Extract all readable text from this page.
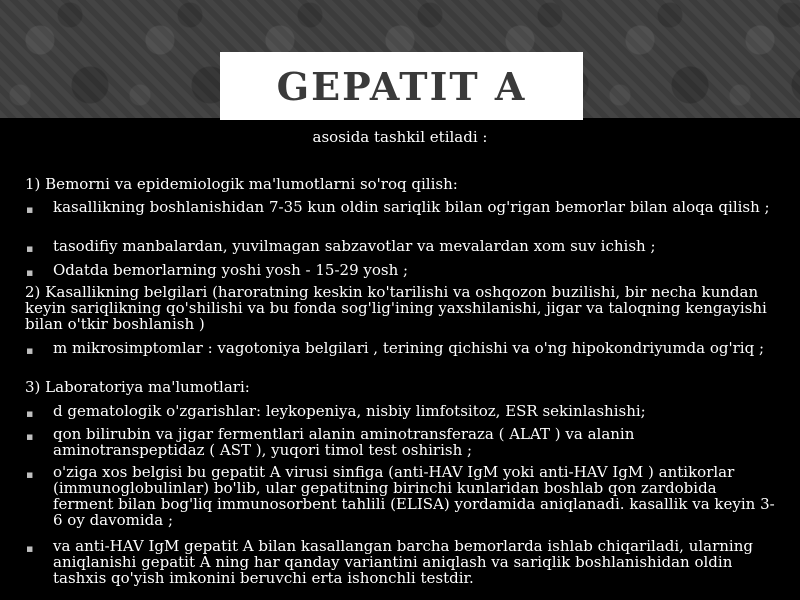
GEPATIT A
asosida tashkil etiladi :
1) Bemorni va epidemiologik ma'lumotlarni so'roq qilish:
▪ kasallikning boshlanishidan 7-35 kun oldin sariqlik bilan og'rigan bemorlar bilan aloqa qilish ;
▪ tasodifiy manbalardan, yuvilmagan sabzavotlar va mevalardan xom suv ichish ;
▪ Odatda bemorlarning yoshi yosh - 15-29 yosh ;
2) Kasallikning belgilari (haroratning keskin ko'tarilishi va oshqozon buzilishi, bir necha kundan keyin sariqlikning qo'shilishi va bu fonda sog'lig'ining yaxshilanishi, jigar va taloqning kengayishi bilan o'tkir boshlanish )
▪ m mikrosimptomlar : vagotoniya belgilari , terining qichishi va o'ng hipokondriyumda og'riq ;
3) Laboratoriya ma'lumotlari:
▪ d gematologik o'zgarishlar: leykopeniya, nisbiy limfotsitoz, ESR sekinlashishi;
▪ qon bilirubin va jigar fermentlari alanin aminotransferaza ( ALAT ) va alanin aminotranspeptidaz ( AST ), yuqori timol test oshirish ;
▪ o'ziga xos belgisi bu gepatit A virusi sinfiga (anti-HAV IgM yoki anti-HAV IgM ) antikorlar (immunoglobulinlar) bo'lib, ular gepatitning birinchi kunlaridan boshlab qon zardobida ferment bilan bog'liq immunosorbent tahlili (ELISA) yordamida aniqlanadi. kasallik va keyin 3-6 oy davomida ;
▪ va anti-HAV IgM gepatit A bilan kasallangan barcha bemorlarda ishlab chiqariladi, ularning aniqlanishi gepatit A ning har qanday variantini aniqlash va sariqlik boshlanishidan oldin tashxis qo'yish imkonini beruvchi erta ishonchli testdir.
